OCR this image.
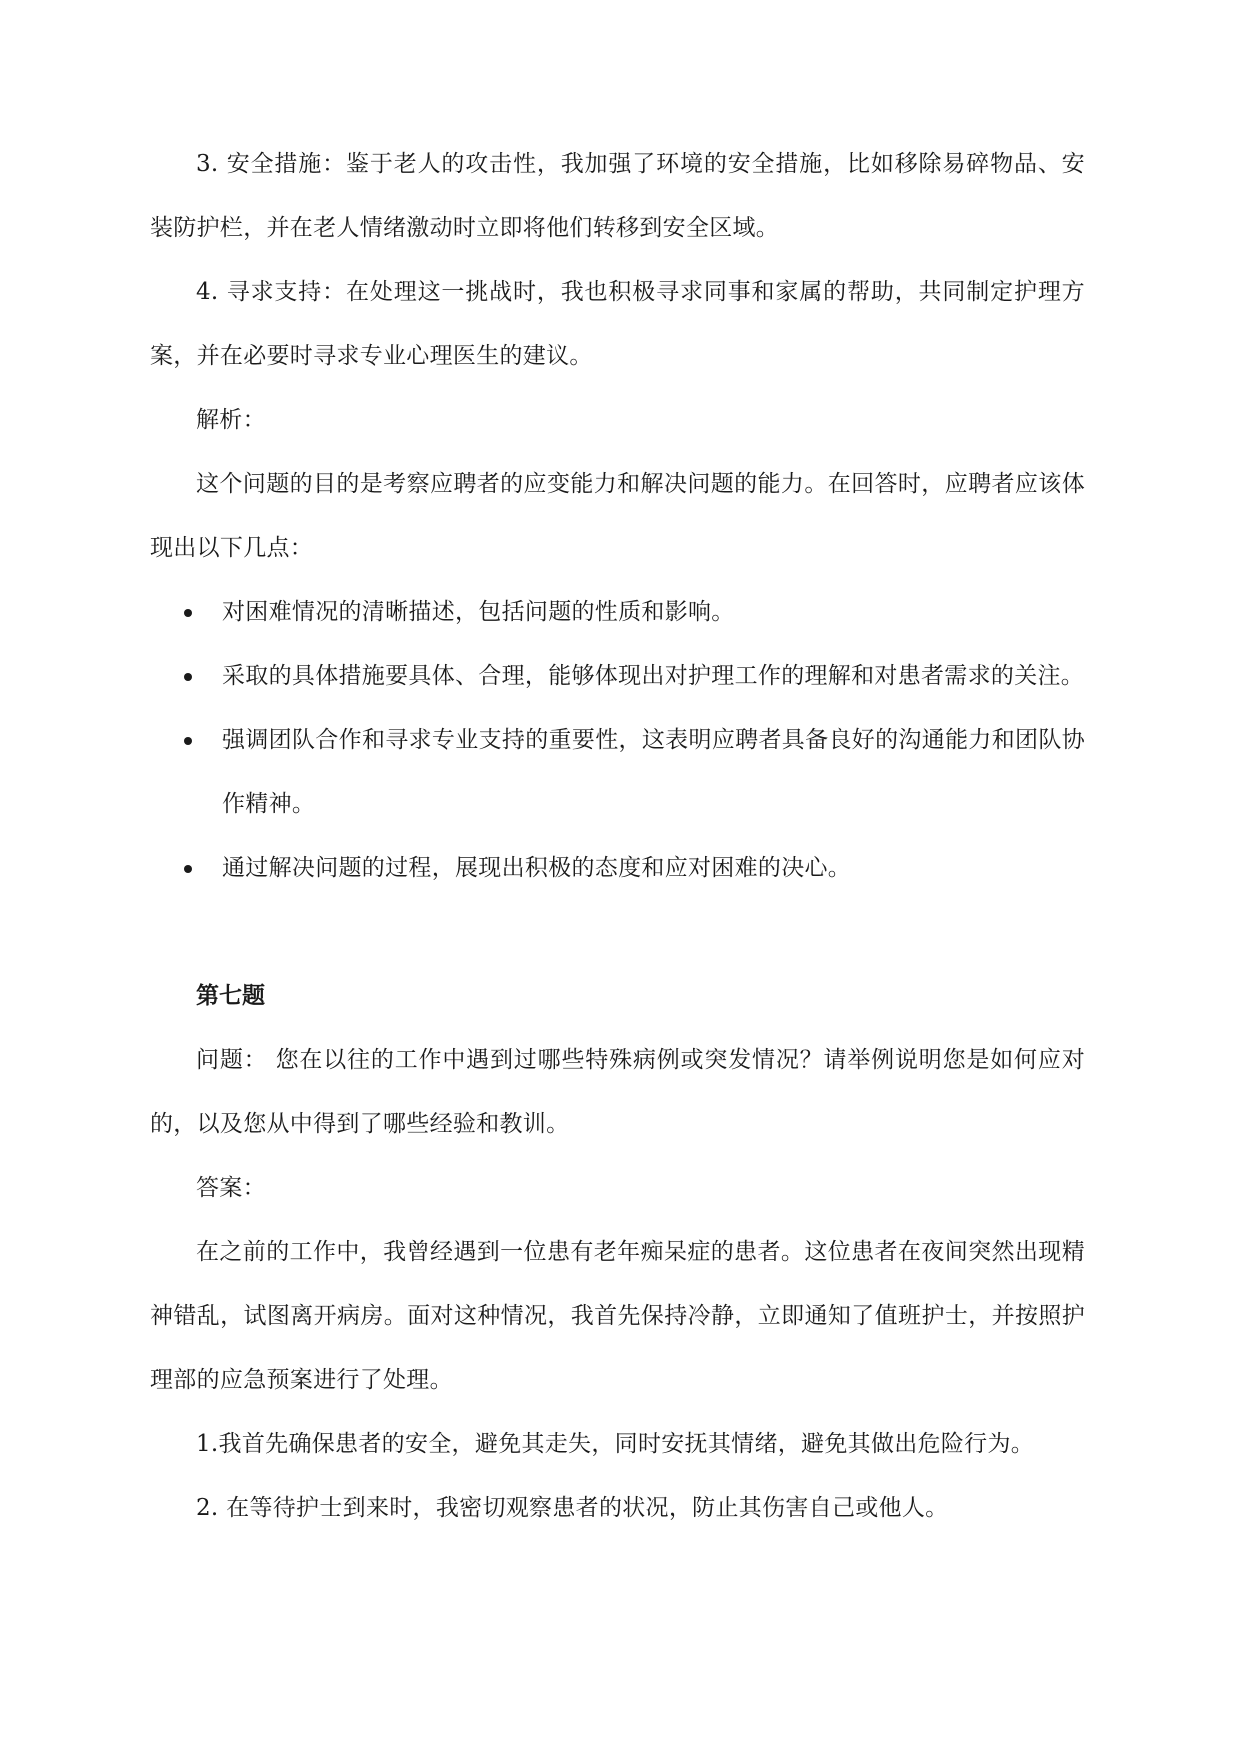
3. 安全措施：鉴于老人的攻击性，我加强了环境的安全措施，比如移除易碎物品、安装防护栏，并在老人情绪激动时立即将他们转移到安全区域。
4. 寻求支持：在处理这一挑战时，我也积极寻求同事和家属的帮助，共同制定护理方案，并在必要时寻求专业心理医生的建议。
解析：
这个问题的目的是考察应聘者的应变能力和解决问题的能力。在回答时，应聘者应该体现出以下几点：
对困难情况的清晰描述，包括问题的性质和影响。
采取的具体措施要具体、合理，能够体现出对护理工作的理解和对患者需求的关注。
强调团队合作和寻求专业支持的重要性，这表明应聘者具备良好的沟通能力和团队协作精神。
通过解决问题的过程，展现出积极的态度和应对困难的决心。
第七题
问题： 您在以往的工作中遇到过哪些特殊病例或突发情况？请举例说明您是如何应对的，以及您从中得到了哪些经验和教训。
答案：
在之前的工作中，我曾经遇到一位患有老年痴呆症的患者。这位患者在夜间突然出现精神错乱，试图离开病房。面对这种情况，我首先保持冷静，立即通知了值班护士，并按照护理部的应急预案进行了处理。
1.我首先确保患者的安全，避免其走失，同时安抚其情绪，避免其做出危险行为。
2. 在等待护士到来时，我密切观察患者的状况，防止其伤害自己或他人。
